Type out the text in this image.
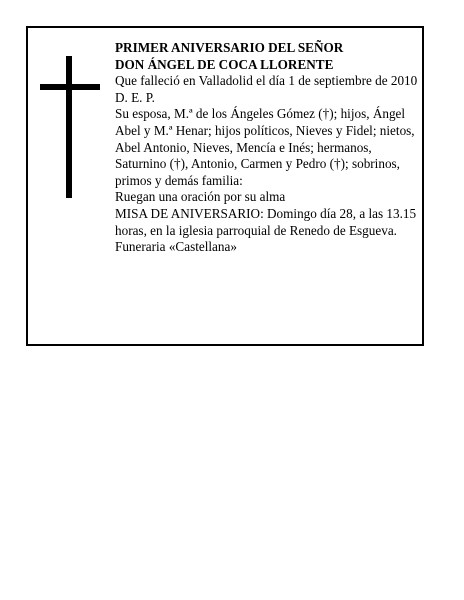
PRIMER ANIVERSARIO DEL SEÑOR

DON ÁNGEL DE COCA LLORENTE

Que falleció en Valladolid el día 1 de septiembre de 2010

D. E. P.

Su esposa, M.ª de los Ángeles Gómez (†); hijos, Ángel Abel y M.ª Henar; hijos políticos, Nieves y Fidel; nietos, Abel Antonio, Nieves, Mencía e Inés; hermanos, Saturnino (†), Antonio, Carmen y Pedro (†); sobrinos, primos y demás familia:

Ruegan una oración por su alma

MISA DE ANIVERSARIO: Domingo día 28, a las 13.15 horas, en la iglesia parroquial de Renedo de Esgueva.

Funeraria «Castellana»
